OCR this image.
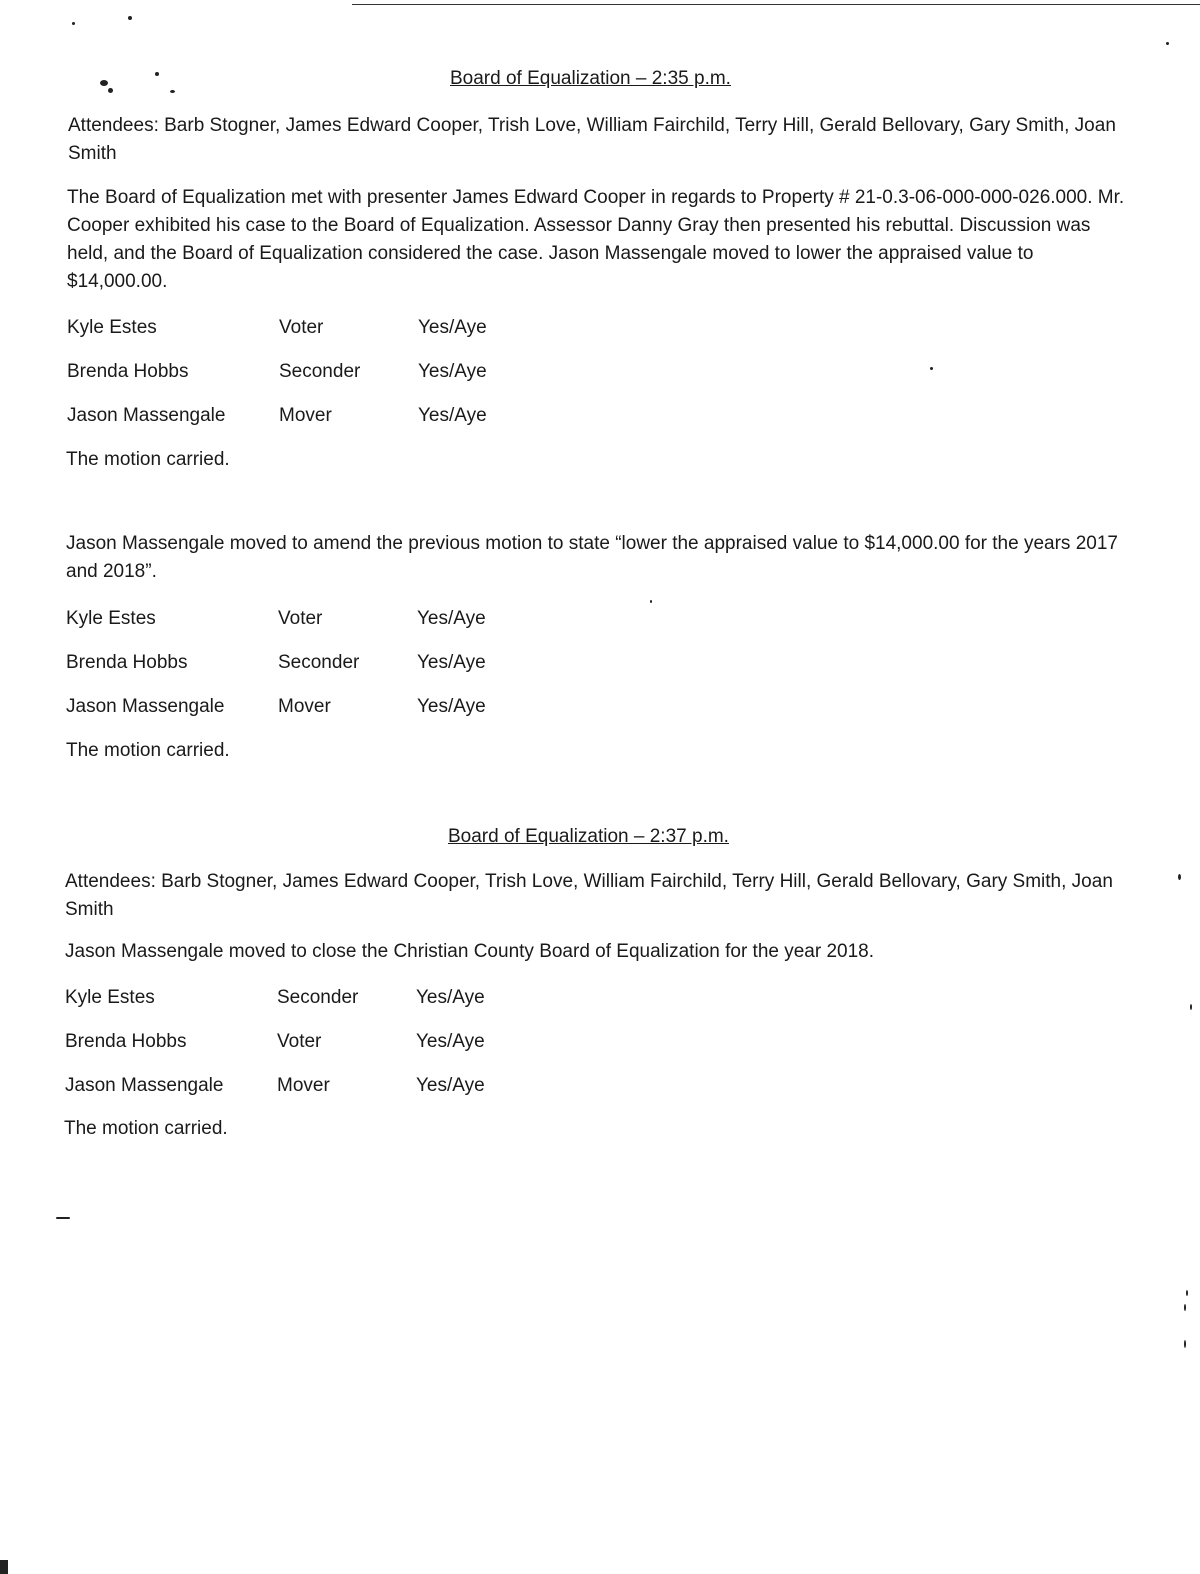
Board of Equalization – 2:35 p.m.

Attendees: Barb Stogner, James Edward Cooper, Trish Love, William Fairchild, Terry Hill, Gerald Bellovary, Gary Smith, Joan Smith

The Board of Equalization met with presenter James Edward Cooper in regards to Property # 21-0.3-06-000-000-026.000. Mr. Cooper exhibited his case to the Board of Equalization. Assessor Danny Gray then presented his rebuttal. Discussion was held, and the Board of Equalization considered the case. Jason Massengale moved to lower the appraised value to $14,000.00.

Kyle Estes	Voter	Yes/Aye
Brenda Hobbs	Seconder	Yes/Aye
Jason Massengale	Mover	Yes/Aye
The motion carried.

Jason Massengale moved to amend the previous motion to state “lower the appraised value to $14,000.00 for the years 2017 and 2018”.

Kyle Estes	Voter	Yes/Aye
Brenda Hobbs	Seconder	Yes/Aye
Jason Massengale	Mover	Yes/Aye
The motion carried.
Board of Equalization – 2:37 p.m.

Attendees: Barb Stogner, James Edward Cooper, Trish Love, William Fairchild, Terry Hill, Gerald Bellovary, Gary Smith, Joan Smith

Jason Massengale moved to close the Christian County Board of Equalization for the year 2018.

Kyle Estes	Seconder	Yes/Aye
Brenda Hobbs	Voter	Yes/Aye
Jason Massengale	Mover	Yes/Aye
The motion carried.
